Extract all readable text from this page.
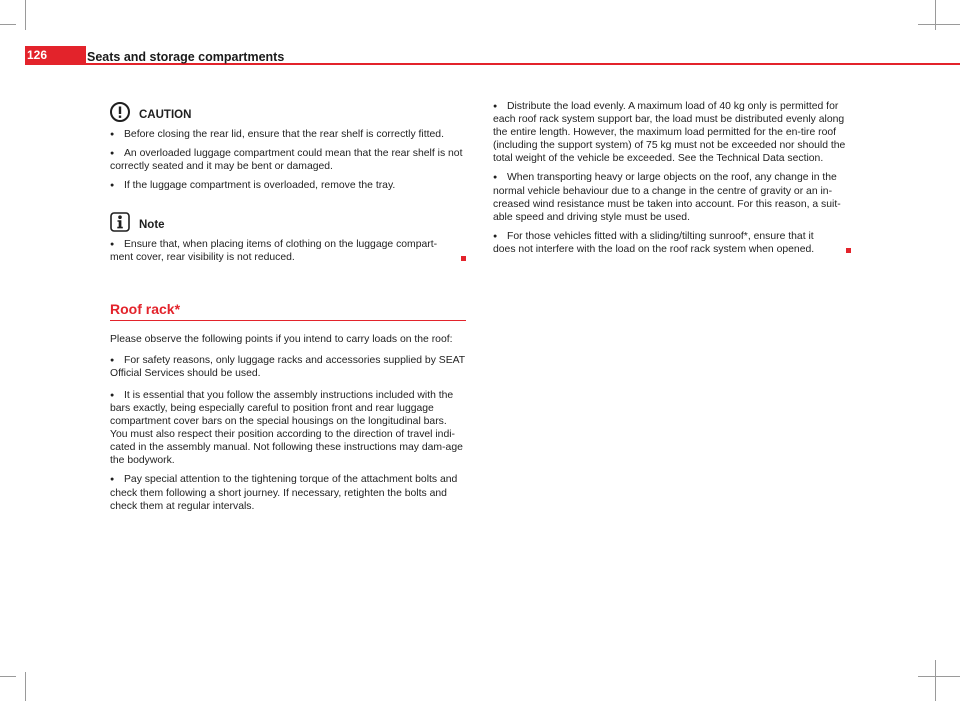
126	Seats and storage compartments
CAUTION

● Before closing the rear lid, ensure that the rear shelf is correctly fitted.

● An overloaded luggage compartment could mean that the rear shelf is not correctly seated and it may be bent or damaged.

● If the luggage compartment is overloaded, remove the tray.

Note

● Ensure that, when placing items of clothing on the luggage compart-ment cover, rear visibility is not reduced.

Roof rack*

Please observe the following points if you intend to carry loads on the roof:

● For safety reasons, only luggage racks and accessories supplied by SEAT Official Services should be used.

● It is essential that you follow the assembly instructions included with the bars exactly, being especially careful to position front and rear luggage compartment cover bars on the special housings on the longitudinal bars. You must also respect their position according to the direction of travel indi-cated in the assembly manual. Not following these instructions may dam-age the bodywork.

● Pay special attention to the tightening torque of the attachment bolts and check them following a short journey. If necessary, retighten the bolts and check them at regular intervals.

● Distribute the load evenly. A maximum load of 40 kg only is permitted for each roof rack system support bar, the load must be distributed evenly along the entire length. However, the maximum load permitted for the en-tire roof (including the support system) of 75 kg must not be exceeded nor should the total weight of the vehicle be exceeded. See the Technical Data section.

● When transporting heavy or large objects on the roof, any change in the normal vehicle behaviour due to a change in the centre of gravity or an in-creased wind resistance must be taken into account. For this reason, a suit-able speed and driving style must be used.

● For those vehicles fitted with a sliding/tilting sunroof*, ensure that it does not interfere with the load on the roof rack system when opened.
